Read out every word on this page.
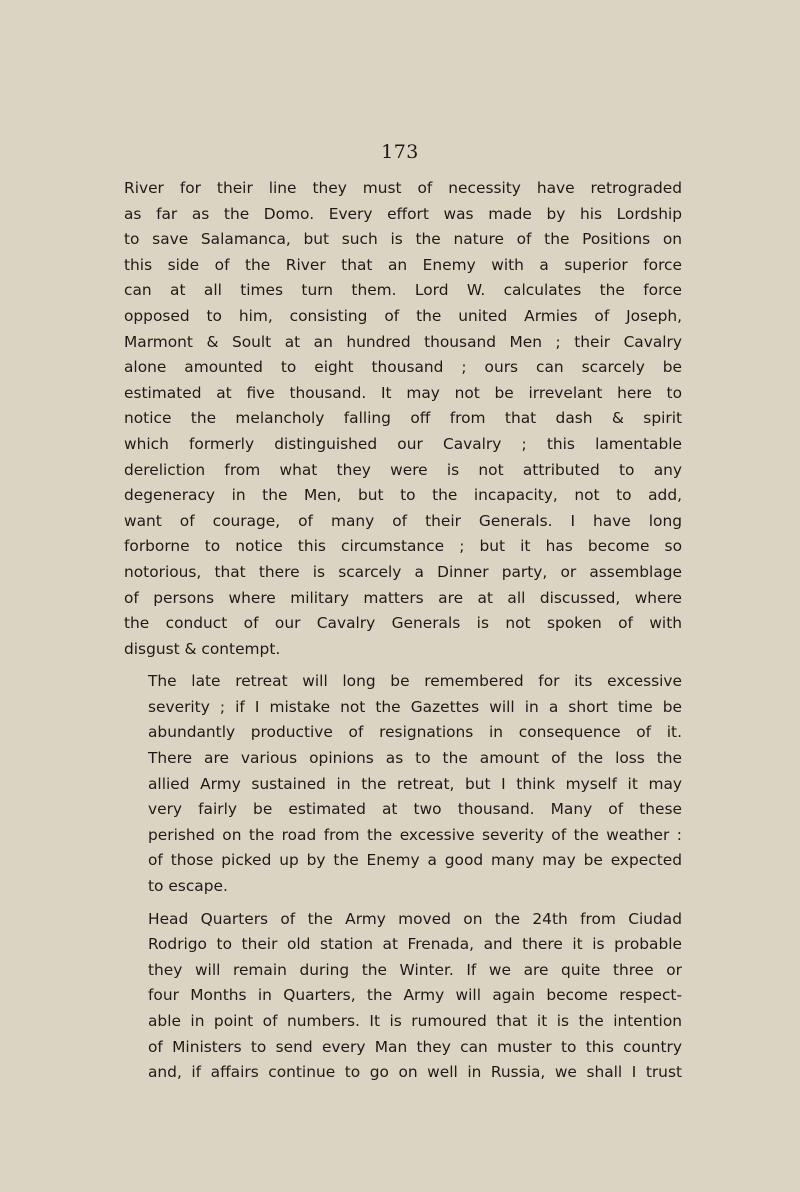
173

River for their line they must of necessity have retrograded
as far as the Domo. Every effort was made by his Lordship
to save Salamanca, but such is the nature of the Positions on
this side of the River that an Enemy with a superior force
can at all times turn them. Lord W. calculates the force
opposed to him, consisting of the united Armies of Joseph,
Marmont & Soult at an hundred thousand Men ; their Cavalry
alone amounted to eight thousand ; ours can scarcely be
estimated at five thousand. It may not be irrevelant here to
notice the melancholy falling off from that dash & spirit
which formerly distinguished our Cavalry ; this lamentable
dereliction from what they were is not attributed to any
degeneracy in the Men, but to the incapacity, not to add,
want of courage, of many of their Generals. I have long
forborne to notice this circumstance ; but it has become so
notorious, that there is scarcely a Dinner party, or assemblage
of persons where military matters are at all discussed, where
the conduct of our Cavalry Generals is not spoken of with
disgust & contempt.

The late retreat will long be remembered for its excessive
severity ; if I mistake not the Gazettes will in a short time be
abundantly productive of resignations in consequence of it.
There are various opinions as to the amount of the loss the
allied Army sustained in the retreat, but I think myself it may
very fairly be estimated at two thousand. Many of these
perished on the road from the excessive severity of the weather :
of those picked up by the Enemy a good many may be expected
to escape.

Head Quarters of the Army moved on the 24th from Ciudad
Rodrigo to their old station at Frenada, and there it is probable
they will remain during the Winter. If we are quite three or
four Months in Quarters, the Army will again become respect-
able in point of numbers. It is rumoured that it is the intention
of Ministers to send every Man they can muster to this country
and, if affairs continue to go on well in Russia, we shall I trust
